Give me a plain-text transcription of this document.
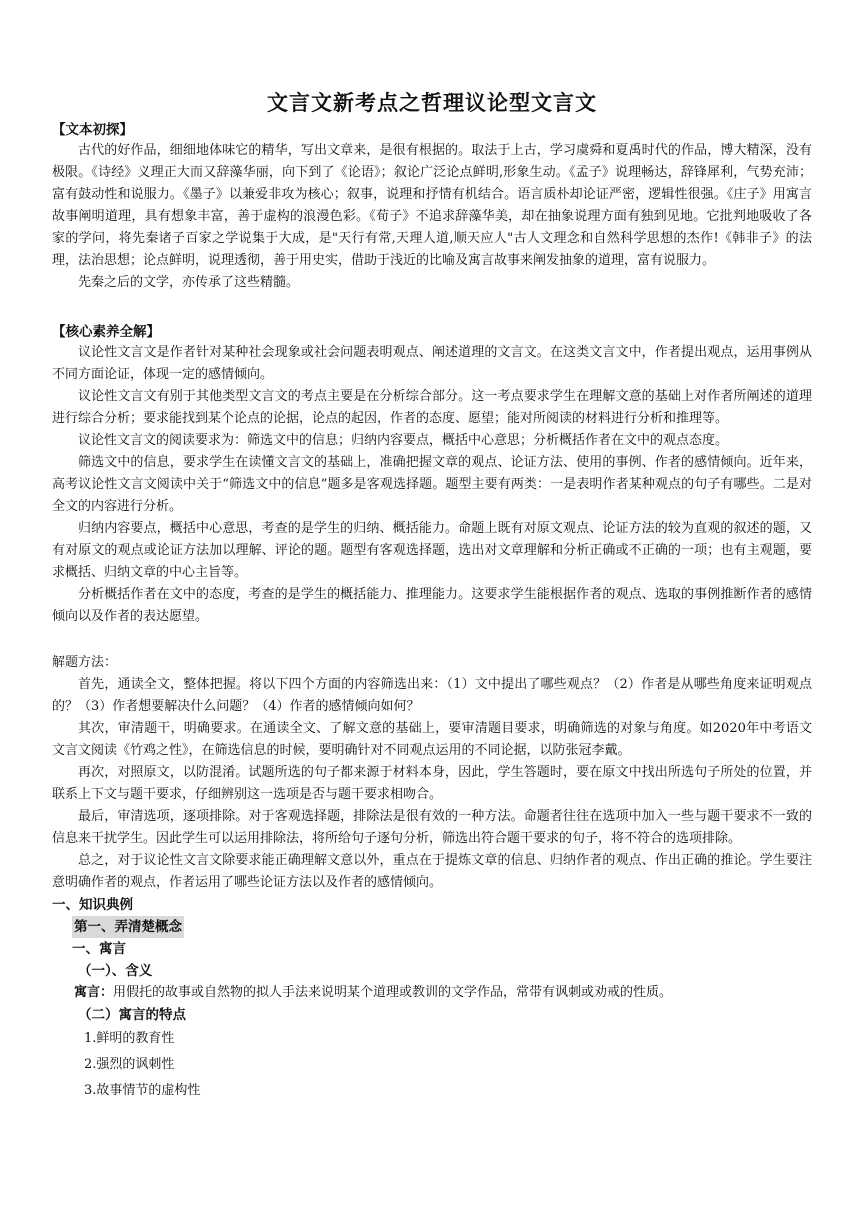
文言文新考点之哲理议论型文言文
【文本初探】

古代的好作品，细细地体味它的精华，写出文章来，是很有根据的。取法于上古，学习虞舜和夏禹时代的作品，博大精深，没有极限。《诗经》义理正大而又辞藻华丽，向下到了《论语》；叙论广泛论点鲜明,形象生动。《孟子》说理畅达，辞锋犀利，气势充沛；富有鼓动性和说服力。《墨子》以兼爱非攻为核心；叙事，说理和抒情有机结合。语言质朴却论证严密，逻辑性很强。《庄子》用寓言故事阐明道理，具有想象丰富，善于虚构的浪漫色彩。《荀子》不追求辞藻华美，却在抽象说理方面有独到见地。它批判地吸收了各家的学问，将先秦诸子百家之学说集于大成，是"天行有常,天理人道,顺天应人"古人文理念和自然科学思想的杰作!《韩非子》的法理，法治思想；论点鲜明，说理透彻，善于用史实，借助于浅近的比喻及寓言故事来阐发抽象的道理，富有说服力。

先秦之后的文学，亦传承了这些精髓。

【核心素养全解】

议论性文言文是作者针对某种社会现象或社会问题表明观点、阐述道理的文言文。在这类文言文中，作者提出观点，运用事例从不同方面论证，体现一定的感情倾向。

议论性文言文有别于其他类型文言文的考点主要是在分析综合部分。这一考点要求学生在理解文意的基础上对作者所阐述的道理进行综合分析；要求能找到某个论点的论据，论点的起因，作者的态度、愿望；能对所阅读的材料进行分析和推理等。

议论性文言文的阅读要求为：筛选文中的信息；归纳内容要点，概括中心意思；分析概括作者在文中的观点态度。

筛选文中的信息，要求学生在读懂文言文的基础上，准确把握文章的观点、论证方法、使用的事例、作者的感情倾向。近年来，高考议论性文言文阅读中关于“筛选文中的信息”题多是客观选择题。题型主要有两类：一是表明作者某种观点的句子有哪些。二是对全文的内容进行分析。

归纳内容要点，概括中心意思，考查的是学生的归纳、概括能力。命题上既有对原文观点、论证方法的较为直观的叙述的题，又有对原文的观点或论证方法加以理解、评论的题。题型有客观选择题，选出对文章理解和分析正确或不正确的一项；也有主观题，要求概括、归纳文章的中心主旨等。

分析概括作者在文中的态度，考查的是学生的概括能力、推理能力。这要求学生能根据作者的观点、选取的事例推断作者的感情倾向以及作者的表达愿望。

解题方法：

首先，通读全文，整体把握。将以下四个方面的内容筛选出来：（1）文中提出了哪些观点？（2）作者是从哪些角度来证明观点的？（3）作者想要解决什么问题？（4）作者的感情倾向如何？

其次，审清题干，明确要求。在通读全文、了解文意的基础上，要审清题目要求，明确筛选的对象与角度。如2020年中考语文文言文阅读《竹鸡之性》，在筛选信息的时候，要明确针对不同观点运用的不同论据，以防张冠李戴。

再次，对照原文，以防混淆。试题所选的句子都来源于材料本身，因此，学生答题时，要在原文中找出所选句子所处的位置，并联系上下文与题干要求，仔细辨别这一选项是否与题干要求相吻合。

最后，审清选项，逐项排除。对于客观选择题，排除法是很有效的一种方法。命题者往往在选项中加入一些与题干要求不一致的信息来干扰学生。因此学生可以运用排除法，将所给句子逐句分析，筛选出符合题干要求的句子，将不符合的选项排除。

总之，对于议论性文言文除要求能正确理解文意以外，重点在于提炼文章的信息、归纳作者的观点、作出正确的推论。学生要注意明确作者的观点，作者运用了哪些论证方法以及作者的感情倾向。

一、知识典例
第一、弄清楚概念
一、寓言
（一）、含义
寓言：用假托的故事或自然物的拟人手法来说明某个道理或教训的文学作品，常带有讽刺或劝戒的性质。
（二）寓言的特点
1.鲜明的教育性
2.强烈的讽刺性
3.故事情节的虚构性
